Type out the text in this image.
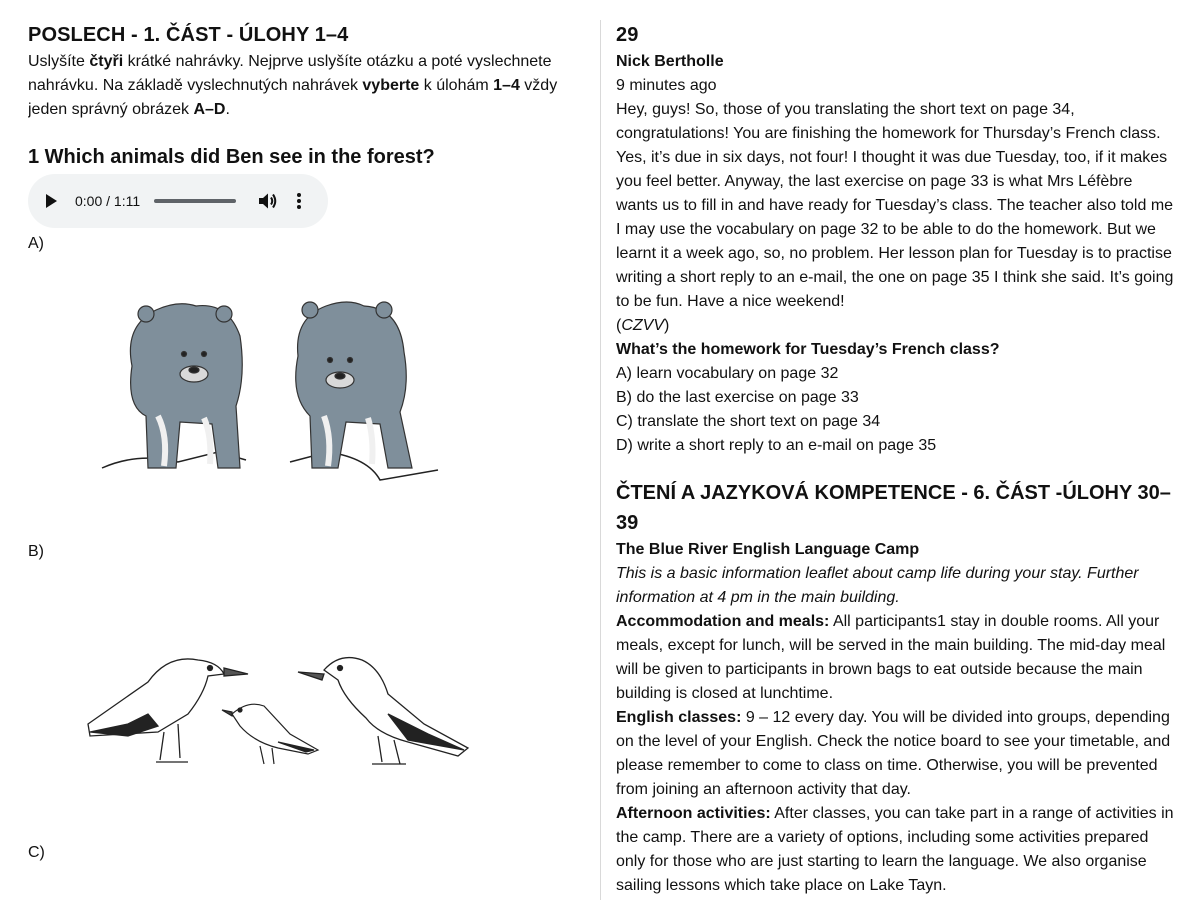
POSLECH - 1. ČÁST - ÚLOHY 1–4

Uslyšíte čtyři krátké nahrávky. Nejprve uslyšíte otázku a poté vyslechnete nahrávku. Na základě vyslechnutých nahrávek vyberte k úlohám 1–4 vždy jeden správný obrázek A–D.

1 Which animals did Ben see in the forest?
0:00 / 1:11
A)
B)
C)
29

Nick Bertholle

9 minutes ago

Hey, guys! So, those of you translating the short text on page 34, congratulations! You are finishing the homework for Thursday’s French class. Yes, it’s due in six days, not four! I thought it was due Tuesday, too, if it makes you feel better. Anyway, the last exercise on page 33 is what Mrs Léfèbre wants us to fill in and have ready for Tuesday’s class. The teacher also told me I may use the vocabulary on page 32 to be able to do the homework. But we learnt it a week ago, so, no problem. Her lesson plan for Tuesday is to practise writing a short reply to an e-mail, the one on page 35 I think she said. It’s going to be fun. Have a nice weekend!

(CZVV)

What’s the homework for Tuesday’s French class?

A) learn vocabulary on page 32

B) do the last exercise on page 33

C) translate the short text on page 34

D) write a short reply to an e-mail on page 35

ČTENÍ A JAZYKOVÁ KOMPETENCE - 6. ČÁST -ÚLOHY 30–39

The Blue River English Language Camp

This is a basic information leaflet about camp life during your stay. Further information at 4 pm in the main building.

Accommodation and meals: All participants1 stay in double rooms. All your meals, except for lunch, will be served in the main building. The mid-day meal will be given to participants in brown bags to eat outside because the main building is closed at lunchtime.

English classes: 9 – 12 every day. You will be divided into groups, depending on the level of your English. Check the notice board to see your timetable, and please remember to come to class on time. Otherwise, you will be prevented from joining an afternoon activity that day.

Afternoon activities: After classes, you can take part in a range of activities in the camp. There are a variety of options, including some activities prepared only for those who are just starting to learn the language. We also organise sailing lessons which take place on Lake Tayn.
